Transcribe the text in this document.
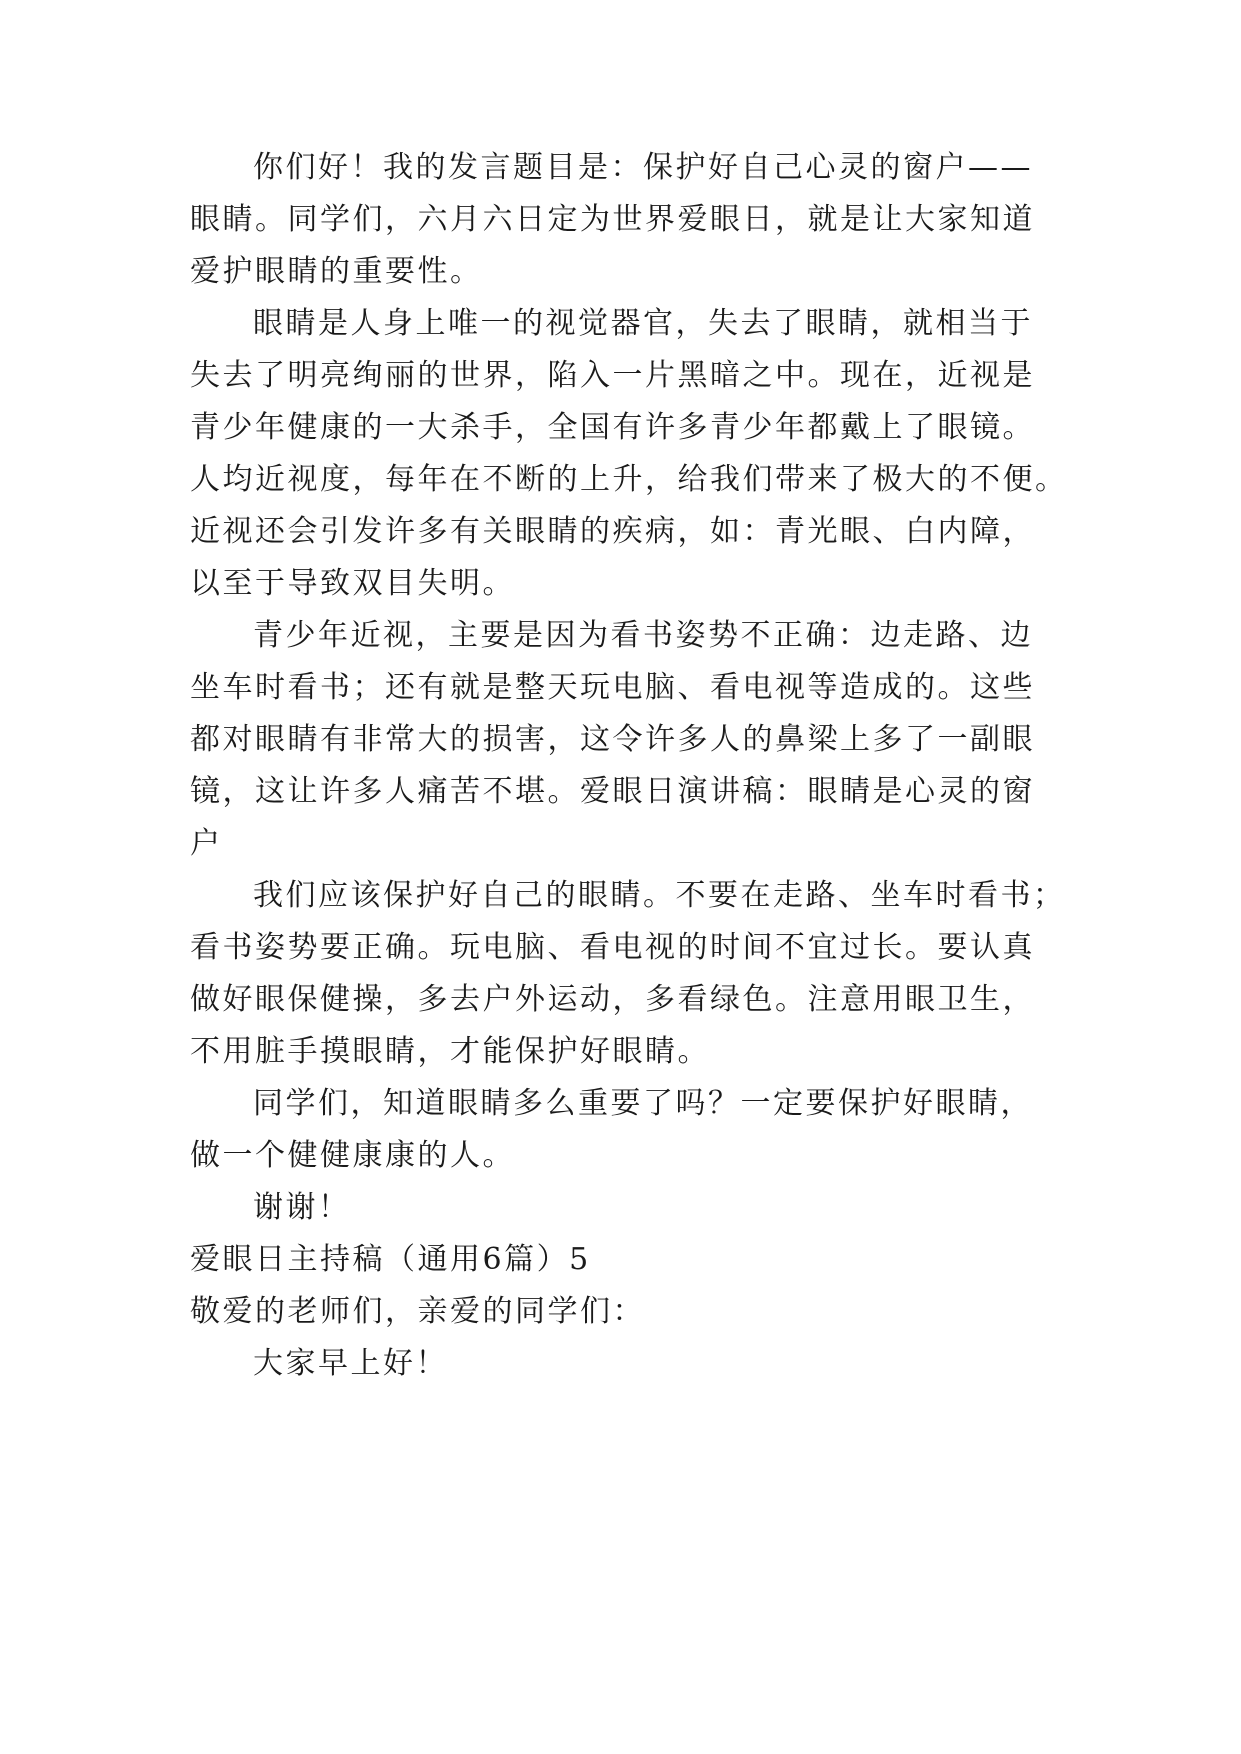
你们好！我的发言题目是：保护好自己心灵的窗户——
眼睛。同学们，六月六日定为世界爱眼日，就是让大家知道
爱护眼睛的重要性。
眼睛是人身上唯一的视觉器官，失去了眼睛，就相当于
失去了明亮绚丽的世界，陷入一片黑暗之中。现在，近视是
青少年健康的一大杀手，全国有许多青少年都戴上了眼镜。
人均近视度，每年在不断的上升，给我们带来了极大的不便。
近视还会引发许多有关眼睛的疾病，如：青光眼、白内障，
以至于导致双目失明。
青少年近视，主要是因为看书姿势不正确：边走路、边
坐车时看书；还有就是整天玩电脑、看电视等造成的。这些
都对眼睛有非常大的损害，这令许多人的鼻梁上多了一副眼
镜，这让许多人痛苦不堪。爱眼日演讲稿：眼睛是心灵的窗
户
我们应该保护好自己的眼睛。不要在走路、坐车时看书；
看书姿势要正确。玩电脑、看电视的时间不宜过长。要认真
做好眼保健操，多去户外运动，多看绿色。注意用眼卫生，
不用脏手摸眼睛，才能保护好眼睛。
同学们，知道眼睛多么重要了吗？一定要保护好眼睛，
做一个健健康康的人。
谢谢！
爱眼日主持稿（通用6篇）5
敬爱的老师们，亲爱的同学们：
大家早上好！
